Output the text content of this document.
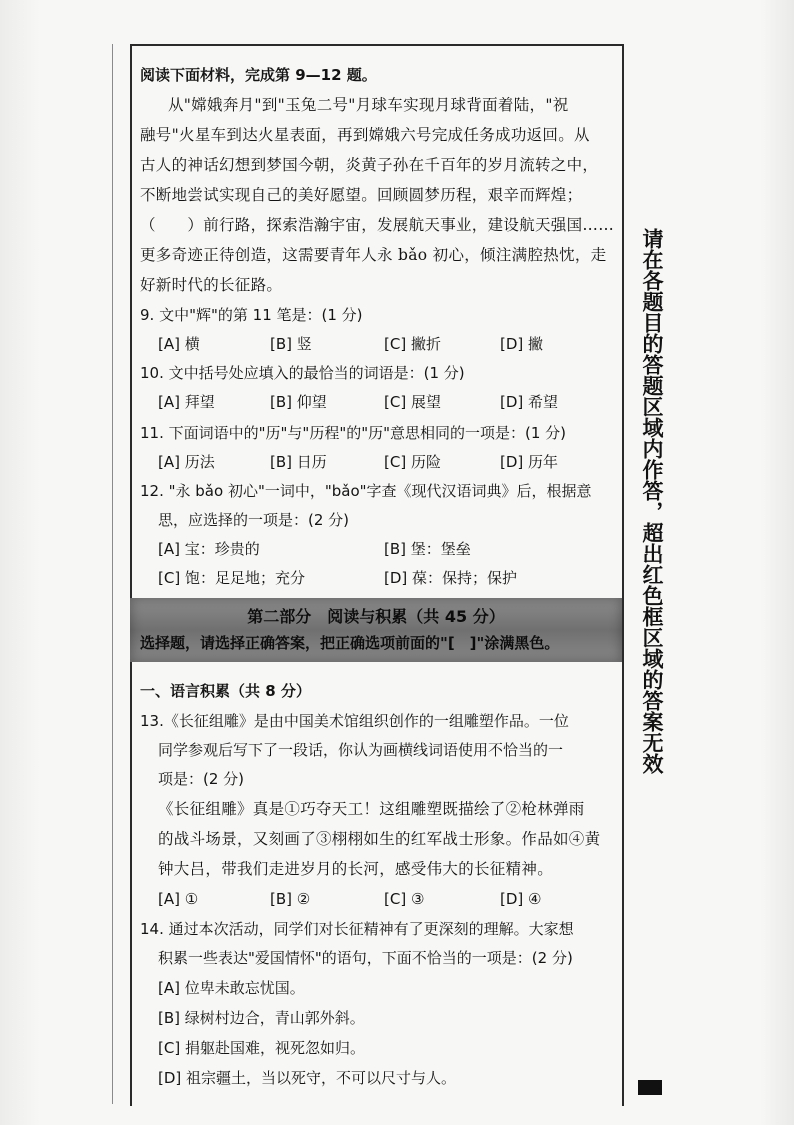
阅读下面材料，完成第 9—12 题。
从"嫦娥奔月"到"玉兔二号"月球车实现月球背面着陆，"祝
融号"火星车到达火星表面，再到嫦娥六号完成任务成功返回。从
古人的神话幻想到梦国今朝，炎黄子孙在千百年的岁月流转之中，
不断地尝试实现自己的美好愿望。回顾圆梦历程，艰辛而辉煌；
（　　）前行路，探索浩瀚宇宙，发展航天事业，建设航天强国……
更多奇迹正待创造，这需要青年人永 bǎo 初心，倾注满腔热忱，走
好新时代的长征路。
9. 文中"辉"的第 11 笔是：(1 分)
[A] 横	[B] 竖	[C] 撇折	[D] 撇
10. 文中括号处应填入的最恰当的词语是：(1 分)
[A] 拜望	[B] 仰望	[C] 展望	[D] 希望
11. 下面词语中的"历"与"历程"的"历"意思相同的一项是：(1 分)
[A] 历法	[B] 日历	[C] 历险	[D] 历年
12. "永 bǎo 初心"一词中，"bǎo"字查《现代汉语词典》后，根据意
思，应选择的一项是：(2 分)
[A] 宝：珍贵的	[B] 堡：堡垒
[C] 饱：足足地；充分	[D] 葆：保持；保护
第二部分　阅读与积累（共 45 分）
选择题，请选择正确答案，把正确选项前面的"[　]"涂满黑色。
一、语言积累（共 8 分）
13.《长征组雕》是由中国美术馆组织创作的一组雕塑作品。一位
同学参观后写下了一段话，你认为画横线词语使用不恰当的一
项是：(2 分)
《长征组雕》真是①巧夺天工！这组雕塑既描绘了②枪林弹雨
的战斗场景，又刻画了③栩栩如生的红军战士形象。作品如④黄
钟大吕，带我们走进岁月的长河，感受伟大的长征精神。
[A] ①	[B] ②	[C] ③	[D] ④
14. 通过本次活动，同学们对长征精神有了更深刻的理解。大家想
积累一些表达"爱国情怀"的语句，下面不恰当的一项是：(2 分)
[A] 位卑未敢忘忧国。
[B] 绿树村边合，青山郭外斜。
[C] 捐躯赴国难，视死忽如归。
[D] 祖宗疆土，当以死守，不可以尺寸与人。
请在各题目的答题区域内作答，超出红色框区域的答案无效
